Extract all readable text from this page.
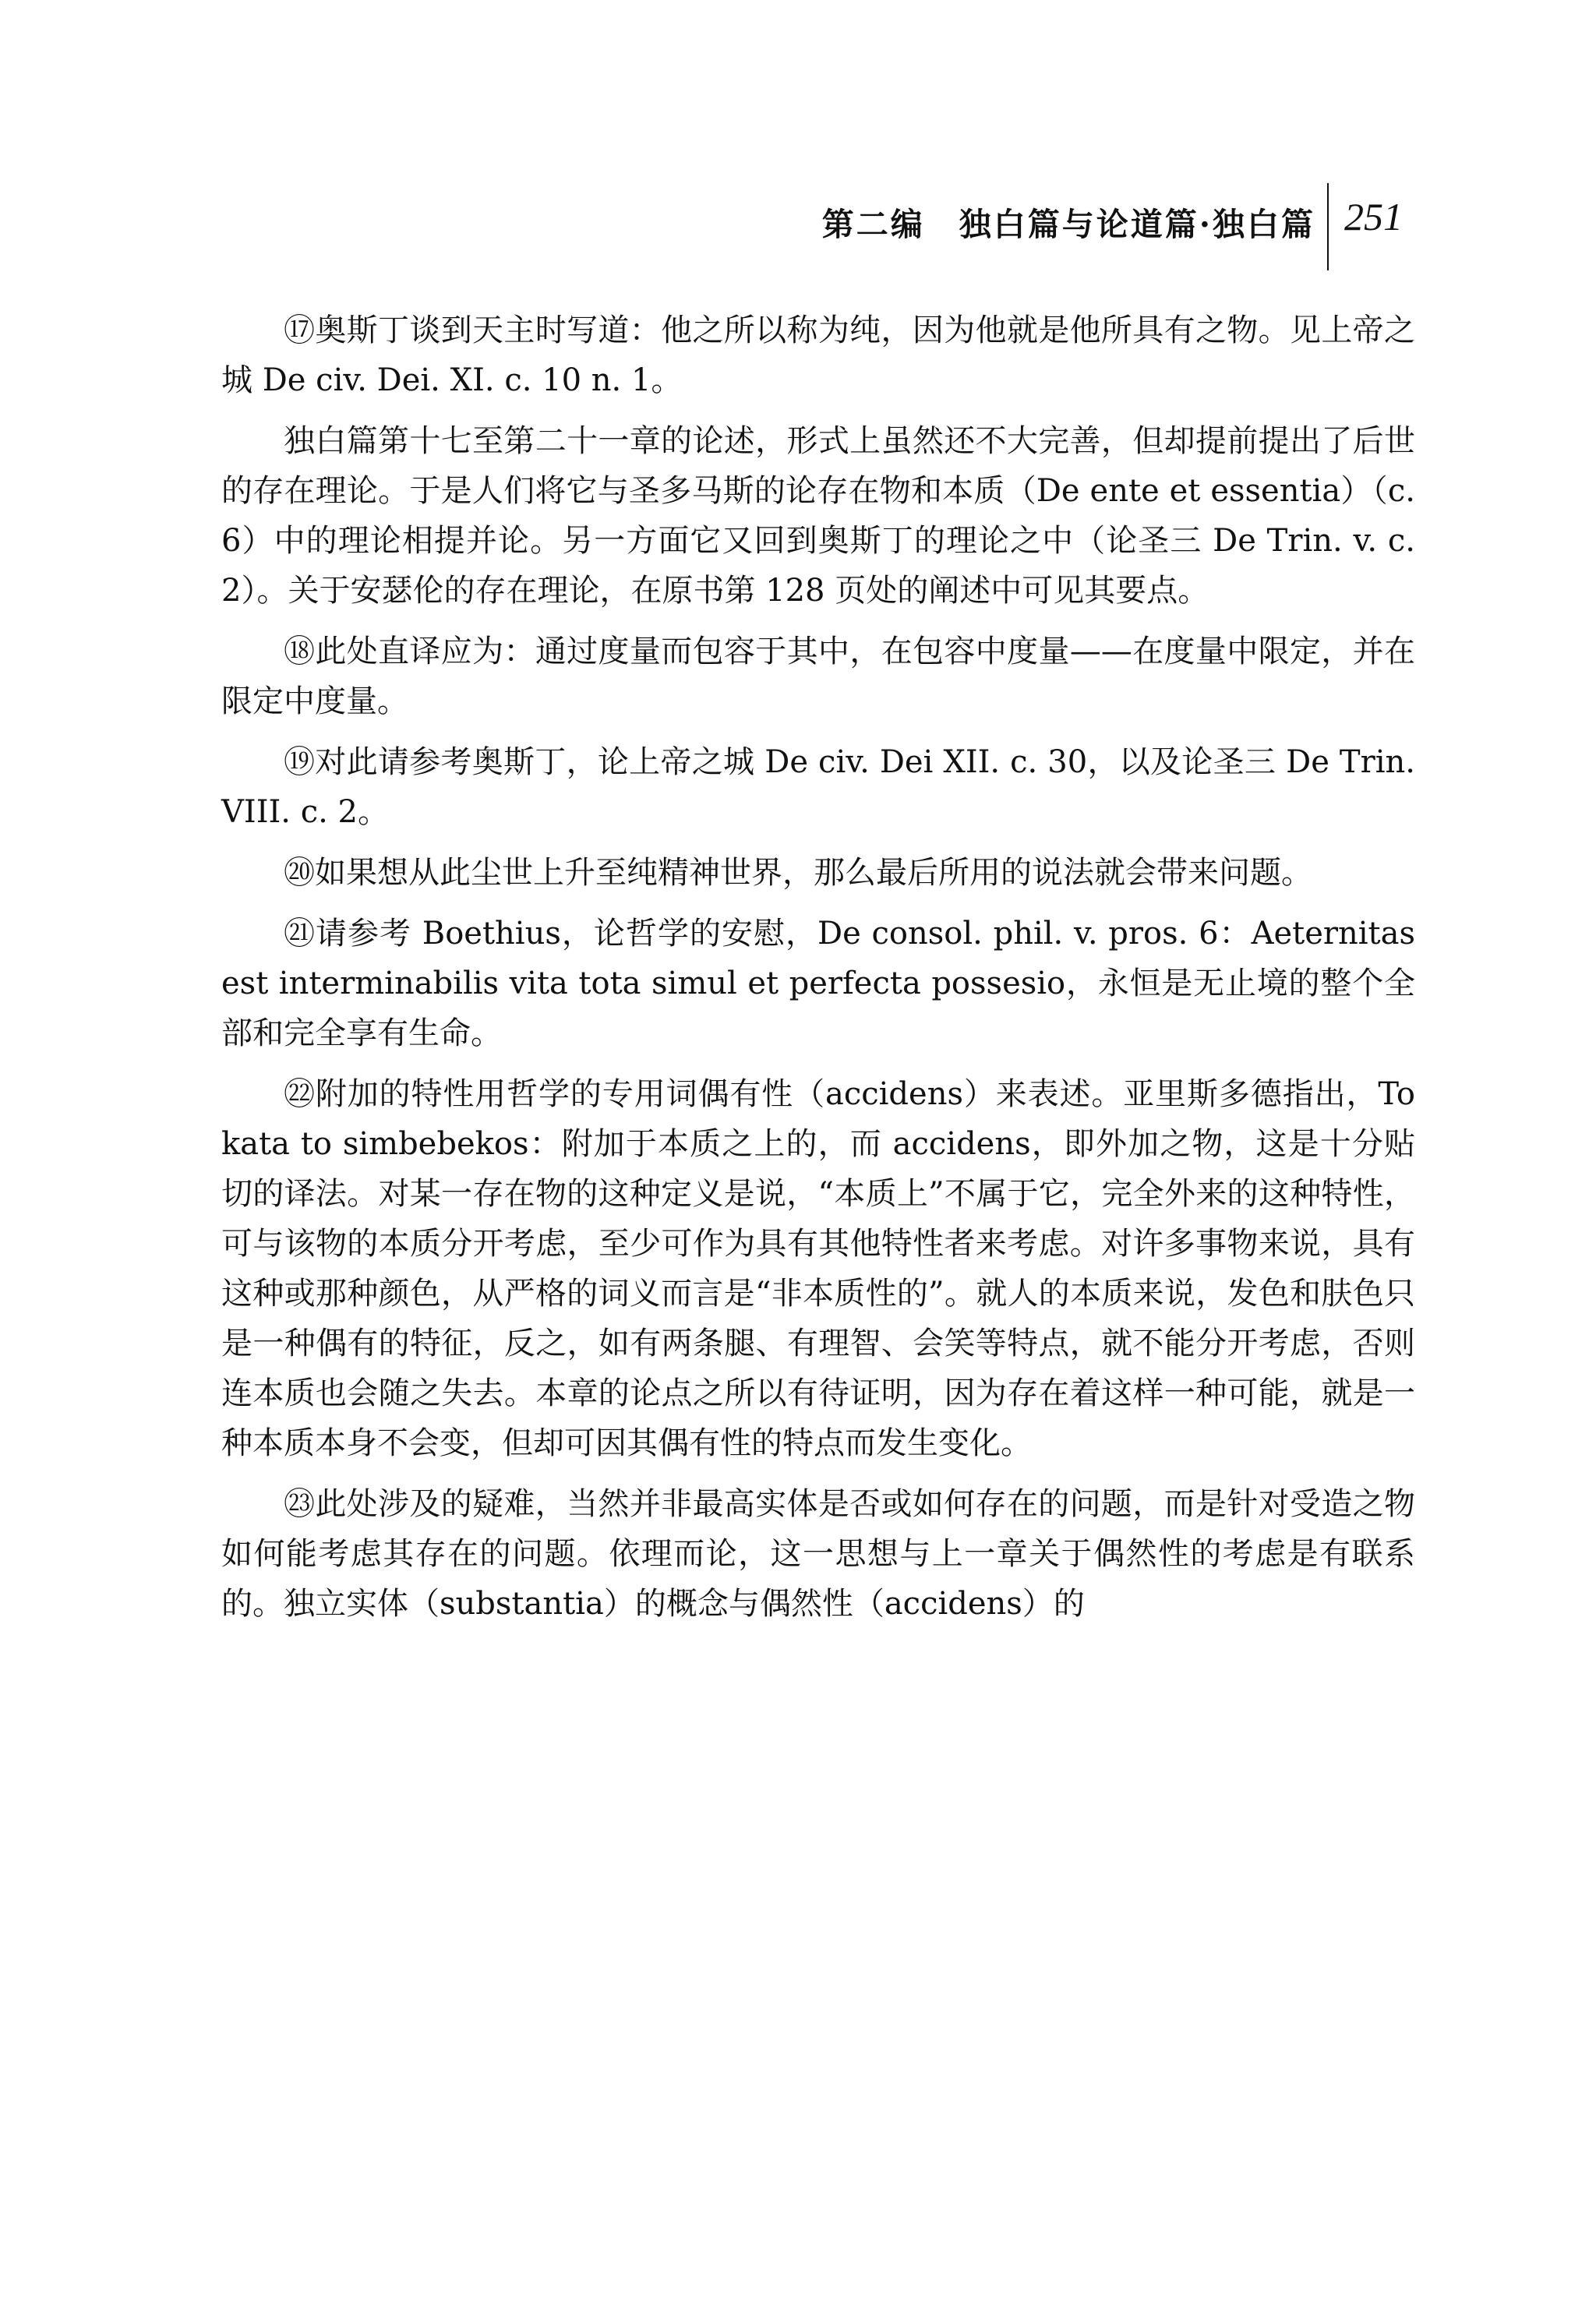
第二编　独白篇与论道篇·独白篇 251

⑰奥斯丁谈到天主时写道：他之所以称为纯，因为他就是他所具有之物。见上帝之城 De civ. Dei. XI. c. 10 n. 1。

独白篇第十七至第二十一章的论述，形式上虽然还不大完善，但却提前提出了后世的存在理论。于是人们将它与圣多马斯的论存在物和本质（De ente et essentia）（c. 6）中的理论相提并论。另一方面它又回到奥斯丁的理论之中（论圣三 De Trin. v. c. 2）。关于安瑟伦的存在理论，在原书第 128 页处的阐述中可见其要点。

⑱此处直译应为：通过度量而包容于其中，在包容中度量——在度量中限定，并在限定中度量。

⑲对此请参考奥斯丁，论上帝之城 De civ. Dei XII. c. 30，以及论圣三 De Trin. VIII. c. 2。

⑳如果想从此尘世上升至纯精神世界，那么最后所用的说法就会带来问题。

㉑请参考 Boethius，论哲学的安慰，De consol. phil. v. pros. 6：Aeternitas est interminabilis vita tota simul et perfecta possesio，永恒是无止境的整个全部和完全享有生命。

㉒附加的特性用哲学的专用词偶有性（accidens）来表述。亚里斯多德指出，To kata to simbebekos：附加于本质之上的，而 accidens，即外加之物，这是十分贴切的译法。对某一存在物的这种定义是说，“本质上”不属于它，完全外来的这种特性，可与该物的本质分开考虑，至少可作为具有其他特性者来考虑。对许多事物来说，具有这种或那种颜色，从严格的词义而言是“非本质性的”。就人的本质来说，发色和肤色只是一种偶有的特征，反之，如有两条腿、有理智、会笑等特点，就不能分开考虑，否则连本质也会随之失去。本章的论点之所以有待证明，因为存在着这样一种可能，就是一种本质本身不会变，但却可因其偶有性的特点而发生变化。

㉓此处涉及的疑难，当然并非最高实体是否或如何存在的问题，而是针对受造之物如何能考虑其存在的问题。依理而论，这一思想与上一章关于偶然性的考虑是有联系的。独立实体（substantia）的概念与偶然性（accidens）的
